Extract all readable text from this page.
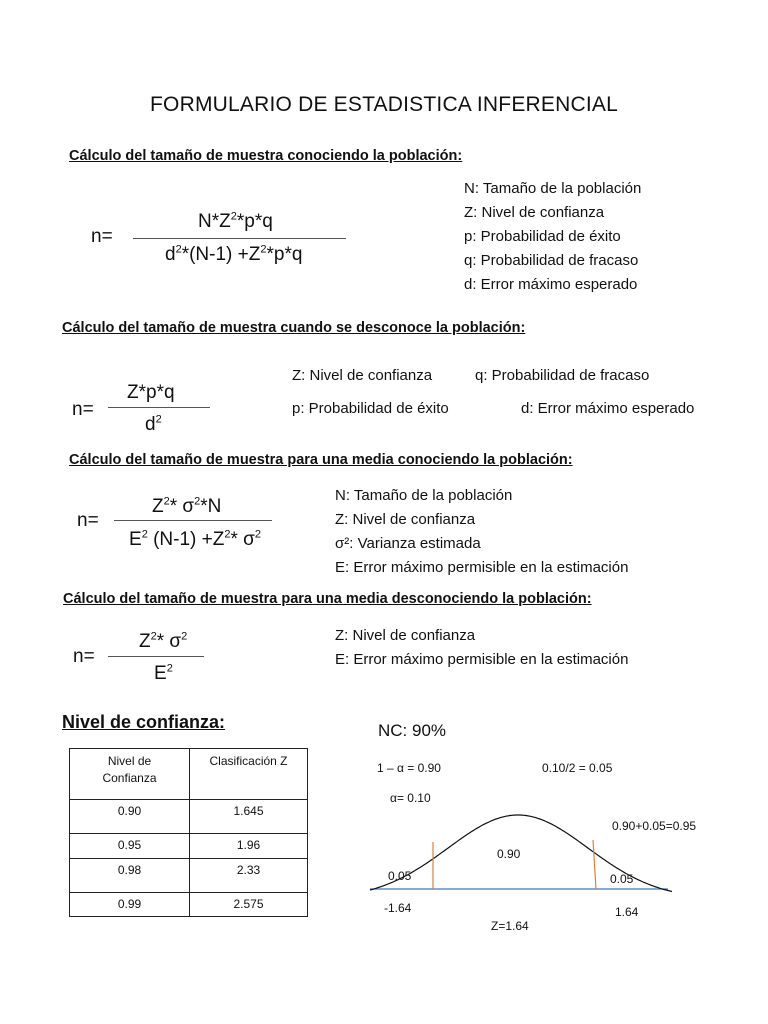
FORMULARIO DE ESTADISTICA INFERENCIAL
Cálculo del tamaño de muestra conociendo la población:
n=
$N*Z^2*p*q$
$d^2*(N-1) +Z^2*p*q$
N: Tamaño de la población
Z: Nivel de confianza
p: Probabilidad de éxito
q: Probabilidad de fracaso
d: Error máximo esperado
Cálculo del tamaño de muestra cuando se desconoce la población:
Z*p*q
n=
$d^2$
Z: Nivel de confianza	q: Probabilidad de fracaso
p: Probabilidad de éxito	d: Error máximo esperado
Cálculo del tamaño de muestra para una media conociendo la población:
$Z^2*$ $\sigma^2*N$
n=
$E^2$ $(N-1) +Z^2*$ $\sigma^2$
N: Tamaño de la población
Z: Nivel de confianza
σ²: Varianza estimada
E: Error máximo permisible en la estimación
Cálculo del tamaño de muestra para una media desconociendo la población:
$Z^2*$ $\sigma^2$
n=
$E^2$
Z: Nivel de confianza
E: Error máximo permisible en la estimación
Nivel de confianza:
Nivel de Confianza	Clasificación Z
0.90	1.645
0.95	1.96
0.98	2.33
0.99	2.575
NC: 90%
1 – α = 0.90	0.10/2 = 0.05
α= 0.10
0.90+0.05=0.95
0.90
0.05	0.05
-1.64	1.64
Z=1.64
